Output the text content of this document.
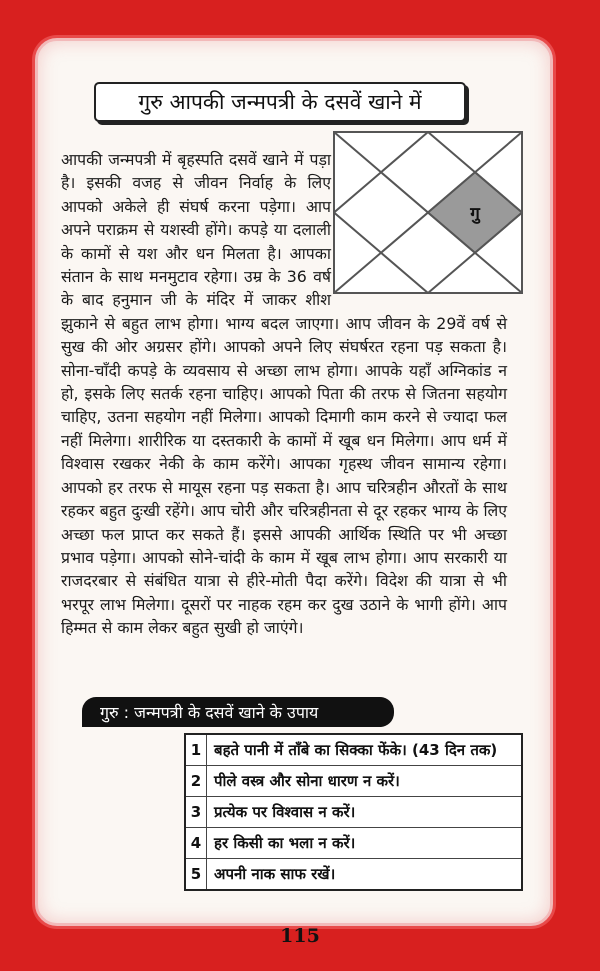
गुरु आपकी जन्मपत्री के दसवें खाने में
गु
आपकी जन्मपत्री में बृहस्पति दसवें खाने में पड़ा है। इसकी वजह से जीवन निर्वाह के लिए आपको अकेले ही संघर्ष करना पड़ेगा। आप अपने पराक्रम से यशस्वी होंगे। कपड़े या दलाली के कामों से यश और धन मिलता है। आपका संतान के साथ मनमुटाव रहेगा। उम्र के 36 वर्ष के बाद हनुमान जी के मंदिर में जाकर शीश झुकाने से बहुत लाभ होगा। भाग्य बदल जाएगा। आप जीवन के 29वें वर्ष से सुख की ओर अग्रसर होंगे। आपको अपने लिए संघर्षरत रहना पड़ सकता है। सोना-चाँदी कपड़े के व्यवसाय से अच्छा लाभ होगा। आपके यहाँ अग्निकांड न हो, इसके लिए सतर्क रहना चाहिए। आपको पिता की तरफ से जितना सहयोग चाहिए, उतना सहयोग नहीं मिलेगा। आपको दिमागी काम करने से ज्यादा फल नहीं मिलेगा। शारीरिक या दस्तकारी के कामों में खूब धन मिलेगा। आप धर्म में विश्वास रखकर नेकी के काम करेंगे। आपका गृहस्थ जीवन सामान्य रहेगा। आपको हर तरफ से मायूस रहना पड़ सकता है। आप चरित्रहीन औरतों के साथ रहकर बहुत दुःखी रहेंगे। आप चोरी और चरित्रहीनता से दूर रहकर भाग्य के लिए अच्छा फल प्राप्त कर सकते हैं। इससे आपकी आर्थिक स्थिति पर भी अच्छा प्रभाव पड़ेगा। आपको सोने-चांदी के काम में खूब लाभ होगा। आप सरकारी या राजदरबार से संबंधित यात्रा से हीरे-मोती पैदा करेंगे। विदेश की यात्रा से भी भरपूर लाभ मिलेगा। दूसरों पर नाहक रहम कर दुख उठाने के भागी होंगे। आप हिम्मत से काम लेकर बहुत सुखी हो जाएंगे।
गुरु : जन्मपत्री के दसवें खाने के उपाय
1 बहते पानी में ताँबे का सिक्का फेंके। (43 दिन तक)
2 पीले वस्त्र और सोना धारण न करें।
3 प्रत्येक पर विश्वास न करें।
4 हर किसी का भला न करें।
5 अपनी नाक साफ रखें।
115
